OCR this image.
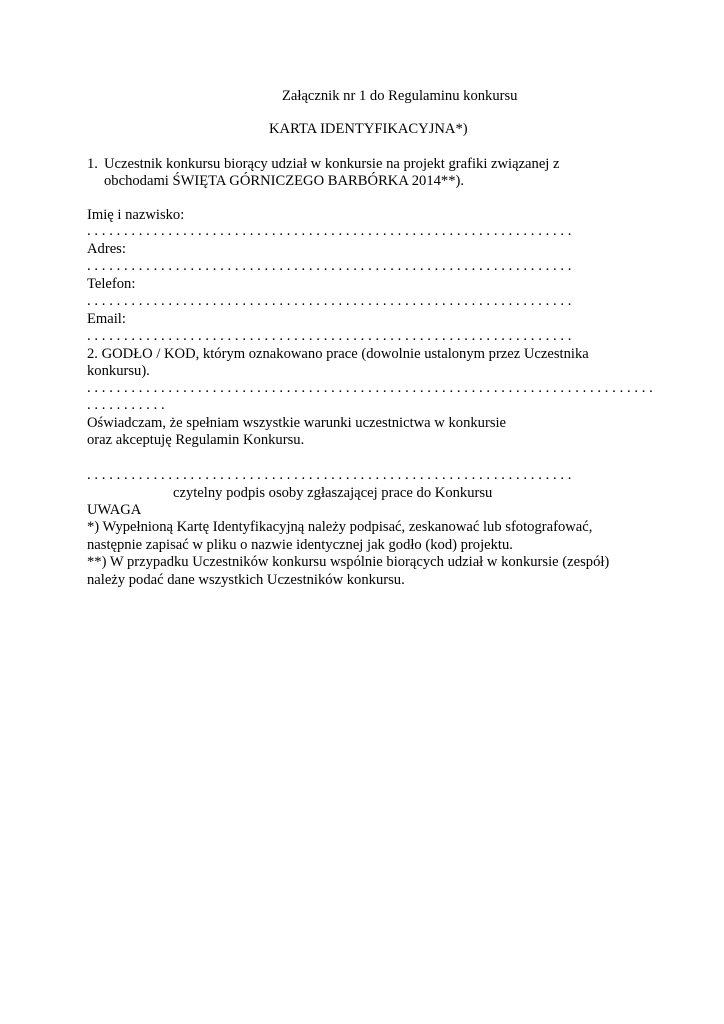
Załącznik nr 1 do Regulaminu konkursu
KARTA IDENTYFIKACYJNA*)
1. Uczestnik konkursu biorący udział w konkursie na projekt grafiki związanej z
obchodami ŚWIĘTA GÓRNICZEGO BARBÓRKA 2014**).
Imię i nazwisko:
. . . . . . . . . . . . . . . . . . . . . . . . . . . . . . . . . . . . . . . . . . . . . . . . . . . . . . . . . . . . . . . . . .
Adres:
. . . . . . . . . . . . . . . . . . . . . . . . . . . . . . . . . . . . . . . . . . . . . . . . . . . . . . . . . . . . . . . . . .
Telefon:
. . . . . . . . . . . . . . . . . . . . . . . . . . . . . . . . . . . . . . . . . . . . . . . . . . . . . . . . . . . . . . . . . .
Email:
. . . . . . . . . . . . . . . . . . . . . . . . . . . . . . . . . . . . . . . . . . . . . . . . . . . . . . . . . . . . . . . . . .
2. GODŁO / KOD, którym oznakowano prace (dowolnie ustalonym przez Uczestnika
konkursu).
. . . . . . . . . . . . . . . . . . . . . . . . . . . . . . . . . . . . . . . . . . . . . . . . . . . . . . . . . . . . . . . . . . . . . . . . . . . . .
. . . . . . . . . . .
Oświadczam, że spełniam wszystkie warunki uczestnictwa w konkursie
oraz akceptuję Regulamin Konkursu.
. . . . . . . . . . . . . . . . . . . . . . . . . . . . . . . . . . . . . . . . . . . . . . . . . . . . . . . . . . . . . . . . . .
czytelny podpis osoby zgłaszającej prace do Konkursu
UWAGA
*) Wypełnioną Kartę Identyfikacyjną należy podpisać, zeskanować lub sfotografować,
następnie zapisać w pliku o nazwie identycznej jak godło (kod) projektu.
**) W przypadku Uczestników konkursu wspólnie biorących udział w konkursie (zespół)
należy podać dane wszystkich Uczestników konkursu.
